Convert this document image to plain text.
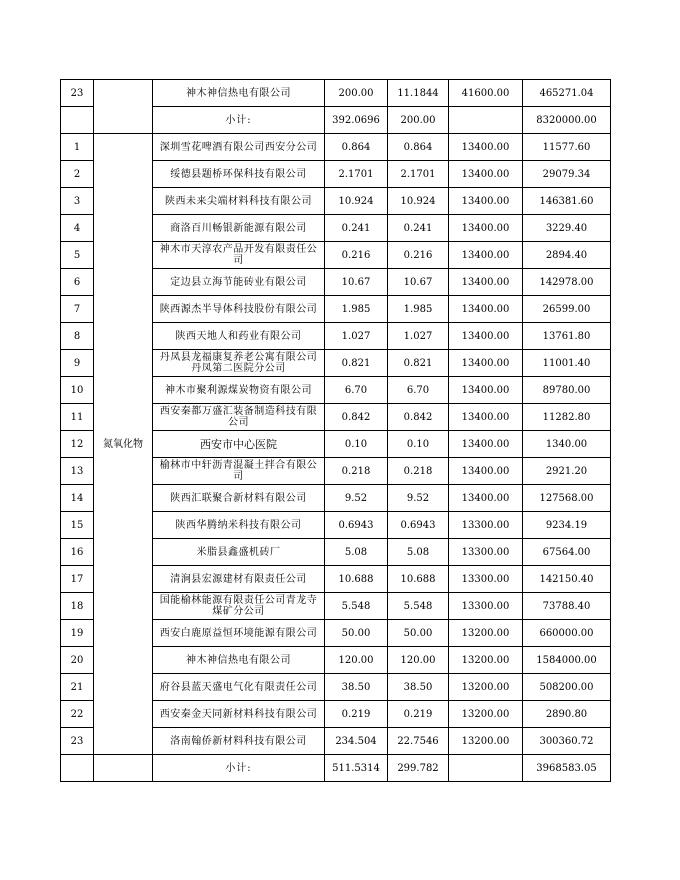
23		神木神信热电有限公司	200.00	11.1844	41600.00	465271.04
		小计:	392.0696	200.00		8320000.00
1	氮氧化物	深圳雪花啤酒有限公司西安分公司	0.864	0.864	13400.00	11577.60
2		绥德县题桥环保科技有限公司	2.1701	2.1701	13400.00	29079.34
3		陕西未来尖端材料科技有限公司	10.924	10.924	13400.00	146381.60
4		商洛百川畅银新能源有限公司	0.241	0.241	13400.00	3229.40
5		神木市天淳农产品开发有限责任公司	0.216	0.216	13400.00	2894.40
6		定边县立海节能砖业有限公司	10.67	10.67	13400.00	142978.00
7		陕西源杰半导体科技股份有限公司	1.985	1.985	13400.00	26599.00
8		陕西天地人和药业有限公司	1.027	1.027	13400.00	13761.80
9		丹凤县龙福康复养老公寓有限公司丹凤第二医院分公司	0.821	0.821	13400.00	11001.40
10		神木市聚利源煤炭物资有限公司	6.70	6.70	13400.00	89780.00
11		西安秦都万盛汇装备制造科技有限公司	0.842	0.842	13400.00	11282.80
12		西安市中心医院	0.10	0.10	13400.00	1340.00
13		榆林市中轩沥青混凝土拌合有限公司	0.218	0.218	13400.00	2921.20
14		陕西汇联聚合新材料有限公司	9.52	9.52	13400.00	127568.00
15		陕西华腾纳米科技有限公司	0.6943	0.6943	13300.00	9234.19
16		米脂县鑫盛机砖厂	5.08	5.08	13300.00	67564.00
17		清涧县宏源建材有限责任公司	10.688	10.688	13300.00	142150.40
18		国能榆林能源有限责任公司青龙寺煤矿分公司	5.548	5.548	13300.00	73788.40
19		西安白鹿原益恒环境能源有限公司	50.00	50.00	13200.00	660000.00
20		神木神信热电有限公司	120.00	120.00	13200.00	1584000.00
21		府谷县蓝天盛电气化有限责任公司	38.50	38.50	13200.00	508200.00
22		西安秦金天同新材料科技有限公司	0.219	0.219	13200.00	2890.80
23		洛南翰侨新材料科技有限公司	234.504	22.7546	13200.00	300360.72
		小计:	511.5314	299.782		3968583.05
